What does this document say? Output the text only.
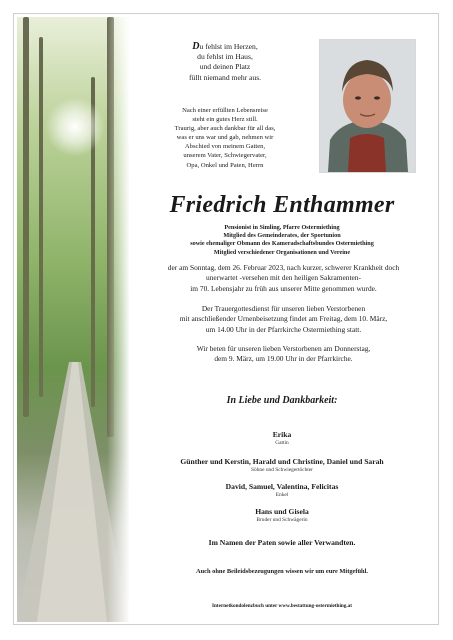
Du fehlst im Herzen,
du fehlst im Haus,
und deinen Platz
füllt niemand mehr aus.
Nach einer erfüllten Lebensreise
steht ein gutes Herz still.
Traurig, aber auch dankbar für all das,
was er uns war und gab, nehmen wir
Abschied von meinem Gatten,
unserem Vater, Schwiegervater,
Opa, Onkel und Paten, Herrn
Friedrich Enthammer
Pensionist in Simling, Pfarre Ostermiething
Mitglied des Gemeinderates, der Sportunion
sowie ehemaliger Obmann des Kameradschaftsbundes Ostermiething
Mitglied verschiedener Organisationen und Vereine
der am Sonntag, dem 26. Februar 2023, nach kurzer, schwerer Krankheit doch
unerwartet -versehen mit den heiligen Sakramenten-
im 70. Lebensjahr zu früh aus unserer Mitte genommen wurde.
Der Trauergottesdienst für unseren lieben Verstorbenen
mit anschließender Urnenbeisetzung findet am Freitag, dem 10. März,
um 14.00 Uhr in der Pfarrkirche Ostermiething statt.
Wir beten für unseren lieben Verstorbenen am Donnerstag,
dem 9. März, um 19.00 Uhr in der Pfarrkirche.
In Liebe und Dankbarkeit:
Erika
Gattin
Günther und Kerstin, Harald und Christine, Daniel und Sarah
Söhne und Schwiegertöchter
David, Samuel, Valentina, Felicitas
Enkel
Hans und Gisela
Bruder und Schwägerin
Im Namen der Paten sowie aller Verwandten.
Auch ohne Beileidsbezeugungen wissen wir um eure Mitgefühl.
Internetkondolenzbuch unter www.bestattung-ostermiething.at
